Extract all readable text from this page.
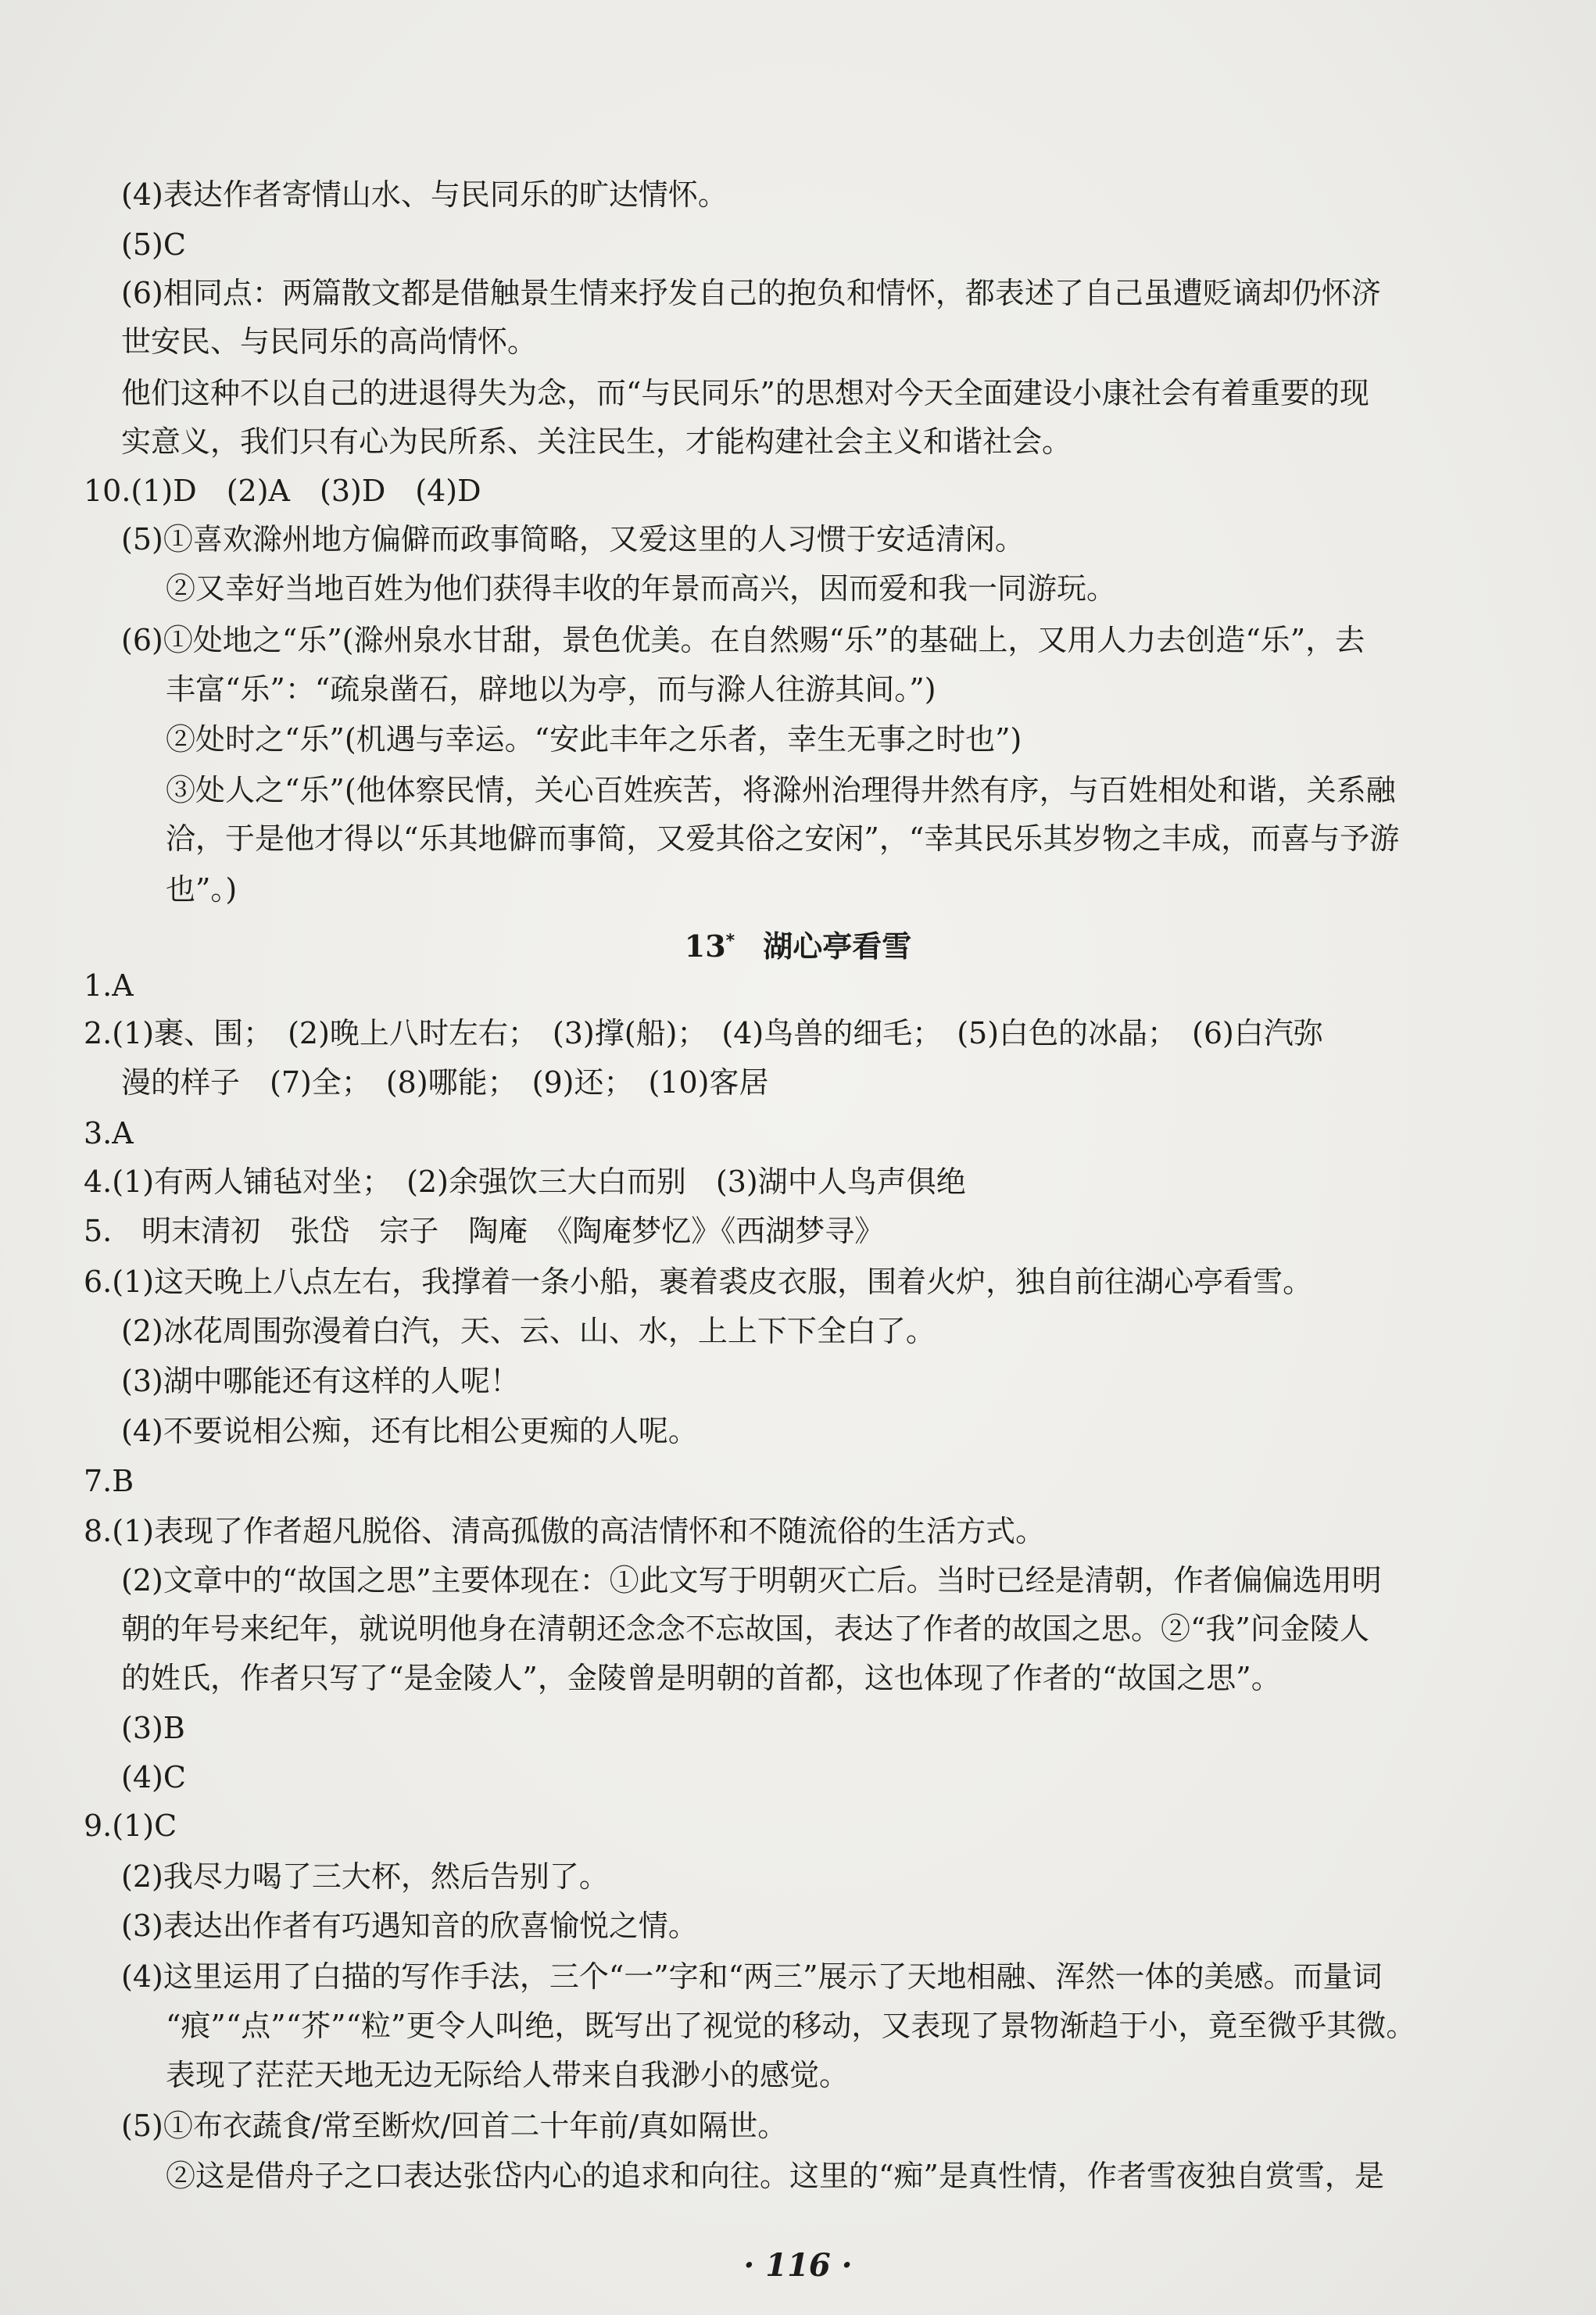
(4)表达作者寄情山水、与民同乐的旷达情怀。
(5)C
(6)相同点：两篇散文都是借触景生情来抒发自己的抱负和情怀，都表述了自己虽遭贬谪却仍怀济
世安民、与民同乐的高尚情怀。
他们这种不以自己的进退得失为念，而“与民同乐”的思想对今天全面建设小康社会有着重要的现
实意义，我们只有心为民所系、关注民生，才能构建社会主义和谐社会。
10.(1)D　(2)A　(3)D　(4)D
(5)①喜欢滁州地方偏僻而政事简略，又爱这里的人习惯于安适清闲。
②又幸好当地百姓为他们获得丰收的年景而高兴，因而爱和我一同游玩。
(6)①处地之“乐”(滁州泉水甘甜，景色优美。在自然赐“乐”的基础上，又用人力去创造“乐”，去
丰富“乐”：“疏泉凿石，辟地以为亭，而与滁人往游其间。”)
②处时之“乐”(机遇与幸运。“安此丰年之乐者，幸生无事之时也”)
③处人之“乐”(他体察民情，关心百姓疾苦，将滁州治理得井然有序，与百姓相处和谐，关系融
洽，于是他才得以“乐其地僻而事简，又爱其俗之安闲”，“幸其民乐其岁物之丰成，而喜与予游
也”。)
13* 湖心亭看雪
1.A
2.(1)裹、围；　(2)晚上八时左右；　(3)撑(船)；　(4)鸟兽的细毛；　(5)白色的冰晶；　(6)白汽弥
漫的样子　(7)全；　(8)哪能；　(9)还；　(10)客居
3.A
4.(1)有两人铺毡对坐；　(2)余强饮三大白而别　(3)湖中人鸟声俱绝
5.　明末清初　张岱　宗子　陶庵　《陶庵梦忆》《西湖梦寻》
6.(1)这天晚上八点左右，我撑着一条小船，裹着裘皮衣服，围着火炉，独自前往湖心亭看雪。
(2)冰花周围弥漫着白汽，天、云、山、水，上上下下全白了。
(3)湖中哪能还有这样的人呢！
(4)不要说相公痴，还有比相公更痴的人呢。
7.B
8.(1)表现了作者超凡脱俗、清高孤傲的高洁情怀和不随流俗的生活方式。
(2)文章中的“故国之思”主要体现在：①此文写于明朝灭亡后。当时已经是清朝，作者偏偏选用明
朝的年号来纪年，就说明他身在清朝还念念不忘故国，表达了作者的故国之思。②“我”问金陵人
的姓氏，作者只写了“是金陵人”，金陵曾是明朝的首都，这也体现了作者的“故国之思”。
(3)B
(4)C
9.(1)C
(2)我尽力喝了三大杯，然后告别了。
(3)表达出作者有巧遇知音的欣喜愉悦之情。
(4)这里运用了白描的写作手法，三个“一”字和“两三”展示了天地相融、浑然一体的美感。而量词
“痕”“点”“芥”“粒”更令人叫绝，既写出了视觉的移动，又表现了景物渐趋于小，竟至微乎其微。
表现了茫茫天地无边无际给人带来自我渺小的感觉。
(5)①布衣蔬食/常至断炊/回首二十年前/真如隔世。
②这是借舟子之口表达张岱内心的追求和向往。这里的“痴”是真性情，作者雪夜独自赏雪，是
· 116 ·
